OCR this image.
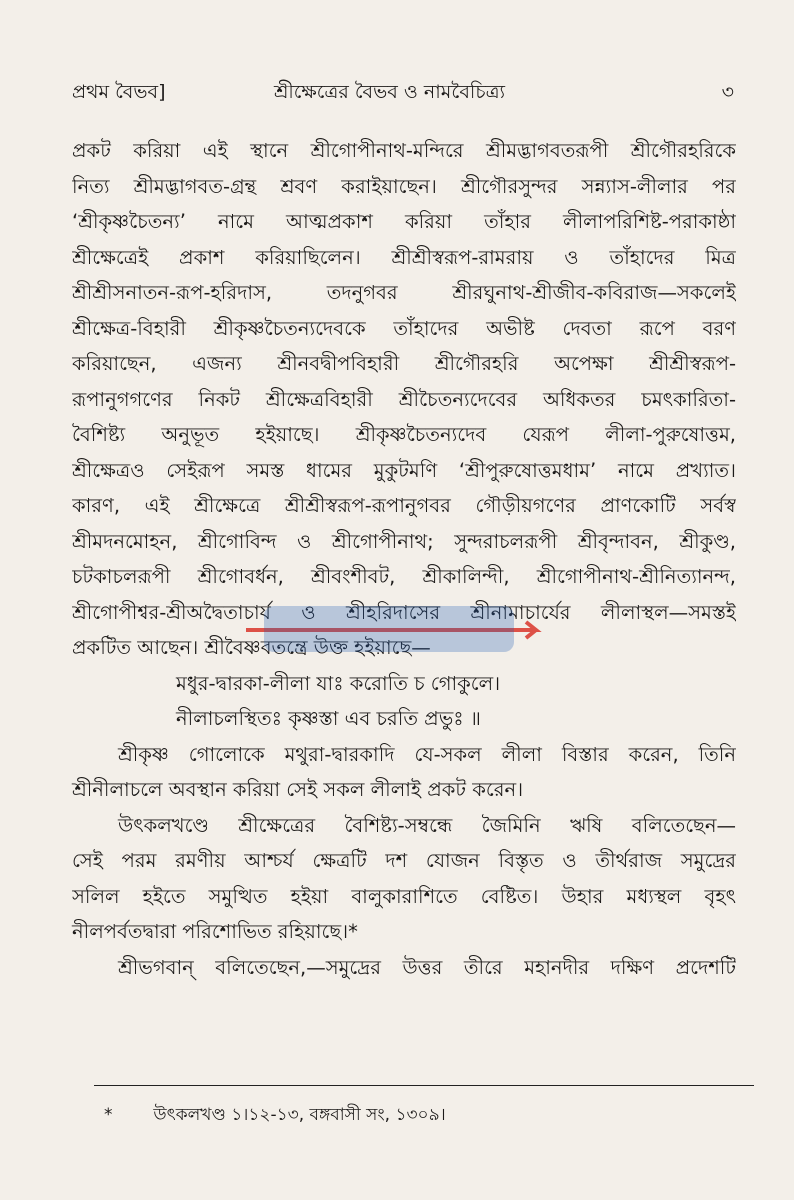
প্রথম বৈভব]	শ্রীক্ষেত্রের বৈভব ও নামবৈচিত্র্য	৩
প্রকট করিয়া এই স্থানে শ্রীগোপীনাথ-মন্দিরে শ্রীমদ্ভাগবতরূপী শ্রীগৌরহরিকে
নিত্য শ্রীমদ্ভাগবত-গ্রন্থ শ্রবণ করাইয়াছেন। শ্রীগৌরসুন্দর সন্ন্যাস-লীলার পর
‘শ্রীকৃষ্ণচৈতন্য’ নামে আত্মপ্রকাশ করিয়া তাঁহার লীলাপরিশিষ্ট-পরাকাষ্ঠা
শ্রীক্ষেত্রেই প্রকাশ করিয়াছিলেন। শ্রীশ্রীস্বরূপ-রামরায় ও তাঁহাদের মিত্র
শ্রীশ্রীসনাতন-রূপ-হরিদাস, তদনুগবর শ্রীরঘুনাথ-শ্রীজীব-কবিরাজ—সকলেই
শ্রীক্ষেত্র-বিহারী শ্রীকৃষ্ণচৈতন্যদেবকে তাঁহাদের অভীষ্ট দেবতা রূপে বরণ
করিয়াছেন, এজন্য শ্রীনবদ্বীপবিহারী শ্রীগৌরহরি অপেক্ষা শ্রীশ্রীস্বরূপ-
রূপানুগগণের নিকট শ্রীক্ষেত্রবিহারী শ্রীচৈতন্যদেবের অধিকতর চমৎকারিতা-
বৈশিষ্ট্য অনুভূত হইয়াছে। শ্রীকৃষ্ণচৈতন্যদেব যেরূপ লীলা-পুরুষোত্তম,
শ্রীক্ষেত্রও সেইরূপ সমস্ত ধামের মুকুটমণি ‘শ্রীপুরুষোত্তমধাম’ নামে প্রখ্যাত।
কারণ, এই শ্রীক্ষেত্রে শ্রীশ্রীস্বরূপ-রূপানুগবর গৌড়ীয়গণের প্রাণকোটি সর্বস্ব
শ্রীমদনমোহন, শ্রীগোবিন্দ ও শ্রীগোপীনাথ; সুন্দরাচলরূপী শ্রীবৃন্দাবন, শ্রীকুণ্ড,
চটকাচলরূপী শ্রীগোবর্ধন, শ্রীবংশীবট, শ্রীকালিন্দী, শ্রীগোপীনাথ-শ্রীনিত্যানন্দ,
শ্রীগোপীশ্বর-শ্রীঅদ্বৈতাচার্য ও শ্রীহরিদাসের শ্রীনামাচার্যের লীলাস্থল—সমস্তই
প্রকটিত আছেন। শ্রীবৈষ্ণবতন্ত্রে উক্ত হইয়াছে—
মধুর-দ্বারকা-লীলা যাঃ করোতি চ গোকুলে।
নীলাচলস্থিতঃ কৃষ্ণস্তা এব চরতি প্রভুঃ ॥
শ্রীকৃষ্ণ গোলোকে মথুরা-দ্বারকাদি যে-সকল লীলা বিস্তার করেন, তিনি
শ্রীনীলাচলে অবস্থান করিয়া সেই সকল লীলাই প্রকট করেন।
উৎকলখণ্ডে শ্রীক্ষেত্রের বৈশিষ্ট্য-সম্বন্ধে জৈমিনি ঋষি বলিতেছেন—
সেই পরম রমণীয় আশ্চর্য ক্ষেত্রটি দশ যোজন বিস্তৃত ও তীর্থরাজ সমুদ্রের
সলিল হইতে সমুত্থিত হইয়া বালুকারাশিতে বেষ্টিত। উহার মধ্যস্থল বৃহৎ
নীলপর্বতদ্বারা পরিশোভিত রহিয়াছে।*
শ্রীভগবান্ বলিতেছেন,—সমুদ্রের উত্তর তীরে মহানদীর দক্ষিণ প্রদেশটি
* উৎকলখণ্ড ১।১২-১৩, বঙ্গবাসী সং, ১৩০৯।
